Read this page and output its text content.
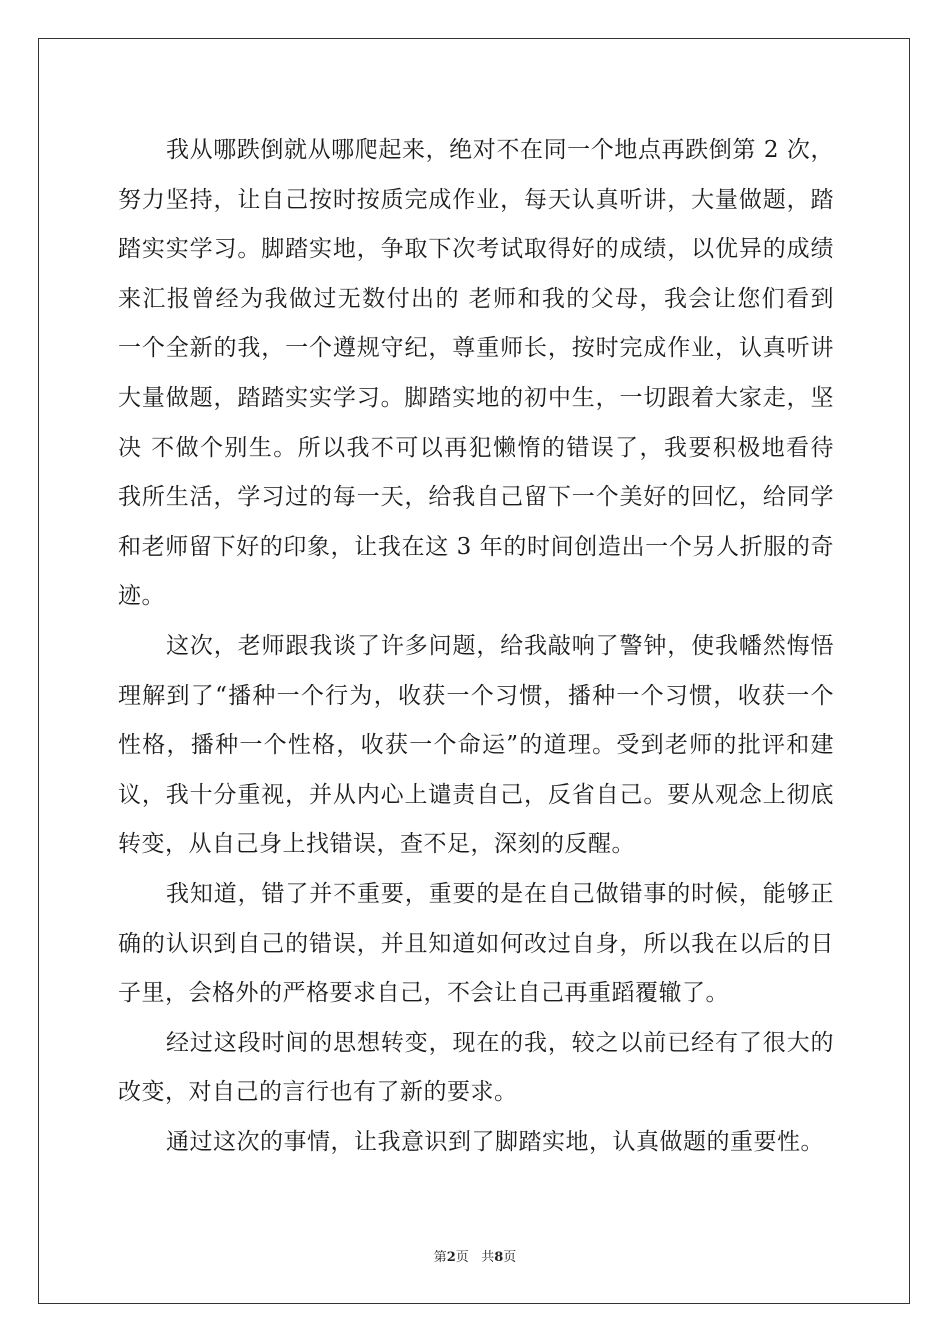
我从哪跌倒就从哪爬起来，绝对不在同一个地点再跌倒第 2 次，
努力坚持，让自己按时按质完成作业，每天认真听讲，大量做题，踏
踏实实学习。脚踏实地，争取下次考试取得好的成绩，以优异的成绩
来汇报曾经为我做过无数付出的 老师和我的父母，我会让您们看到
一个全新的我，一个遵规守纪，尊重师长，按时完成作业，认真听讲
大量做题，踏踏实实学习。脚踏实地的初中生，一切跟着大家走，坚
决 不做个别生。所以我不可以再犯懒惰的错误了，我要积极地看待
我所生活，学习过的每一天，给我自己留下一个美好的回忆，给同学
和老师留下好的印象，让我在这 3 年的时间创造出一个另人折服的奇
迹。
这次，老师跟我谈了许多问题，给我敲响了警钟，使我幡然悔悟
理解到了“播种一个行为，收获一个习惯，播种一个习惯，收获一个
性格，播种一个性格，收获一个命运”的道理。受到老师的批评和建
议，我十分重视，并从内心上谴责自己，反省自己。要从观念上彻底
转变，从自己身上找错误，查不足，深刻的反醒。
我知道，错了并不重要，重要的是在自己做错事的时候，能够正
确的认识到自己的错误，并且知道如何改过自身，所以我在以后的日
子里，会格外的严格要求自己，不会让自己再重蹈覆辙了。
经过这段时间的思想转变，现在的我，较之以前已经有了很大的
改变，对自己的言行也有了新的要求。
通过这次的事情，让我意识到了脚踏实地，认真做题的重要性。
第2页 共8页
